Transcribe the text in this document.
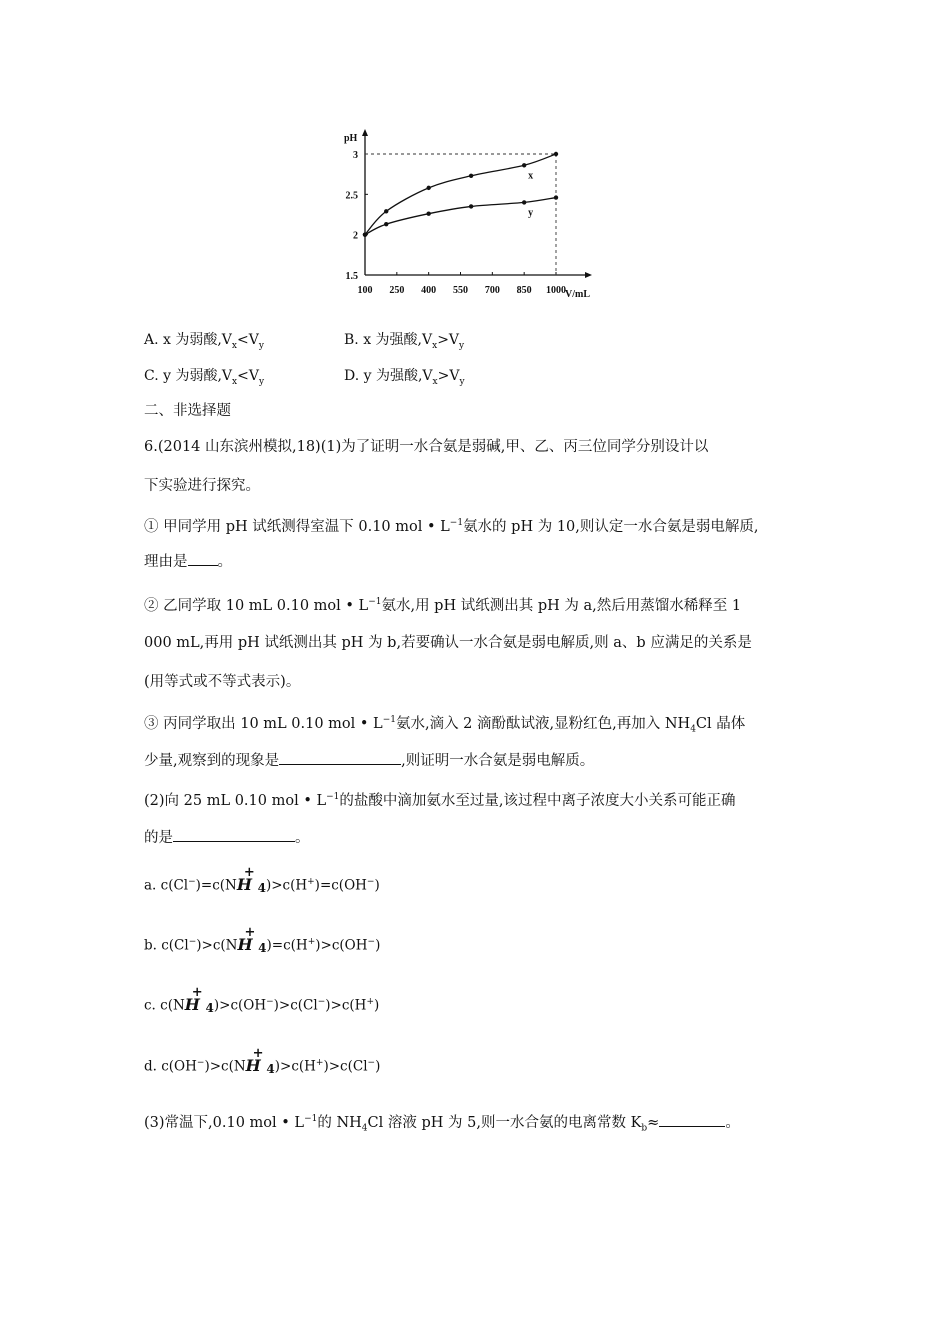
pH
V/mL
100 250 400 550 700 850 1000
1.5
2
2.5
3
x
y
A. x 为弱酸$,V_x<V_y$	B. x 为强酸$,V_x>V_y$
C. y 为弱酸$,V_x<V_y$	D. y 为强酸$,V_x>V_y$
二、非选择题
6.(2014 山东滨州模拟,18)(1)为了证明一水合氨是弱碱,甲、乙、丙三位同学分别设计以
下实验进行探究。
① 甲同学用 pH 试纸测得室温下 0.10 mol • $L^{-1}$氨水的 pH 为 10,则认定一水合氨是弱电解质,
理由是 。
② 乙同学取 10 mL 0.10 mol • $L^{-1}$氨水,用 pH 试纸测出其 pH 为 a,然后用蒸馏水稀释至 1
000 mL,再用 pH 试纸测出其 pH 为 b,若要确认一水合氨是弱电解质,则 a、b 应满足的关系是
(用等式或不等式表示)。
③ 丙同学取出 10 mL 0.10 mol • $L^{-1}$氨水,滴入 2 滴酚酞试液,显粉红色,再加入 $NH_4Cl$ 晶体
少量,观察到的现象是	,则证明一水合氨是弱电解质。
(2)向 25 mL 0.10 mol • $L^{-1}$的盐酸中滴加氨水至过量,该过程中离子浓度大小关系可能正确
的是	。
a. c(Cl−)=c(NH
+
4)>c(H+)=c(OH−)
b. c(Cl−)>c(NH
+
4)=c(H+)>c(OH−)
c. c(NH
+
4)>c(OH−)>c(Cl−)>c(H+)
d. c(OH−)>c(NH
+
4)>c(H+)>c(Cl−)
(3)常温下,0.10 mol • $L^{-1}$的 $NH_4Cl$ 溶液 pH 为 5,则一水合氨的电离常数 $K_b\approx$	。
